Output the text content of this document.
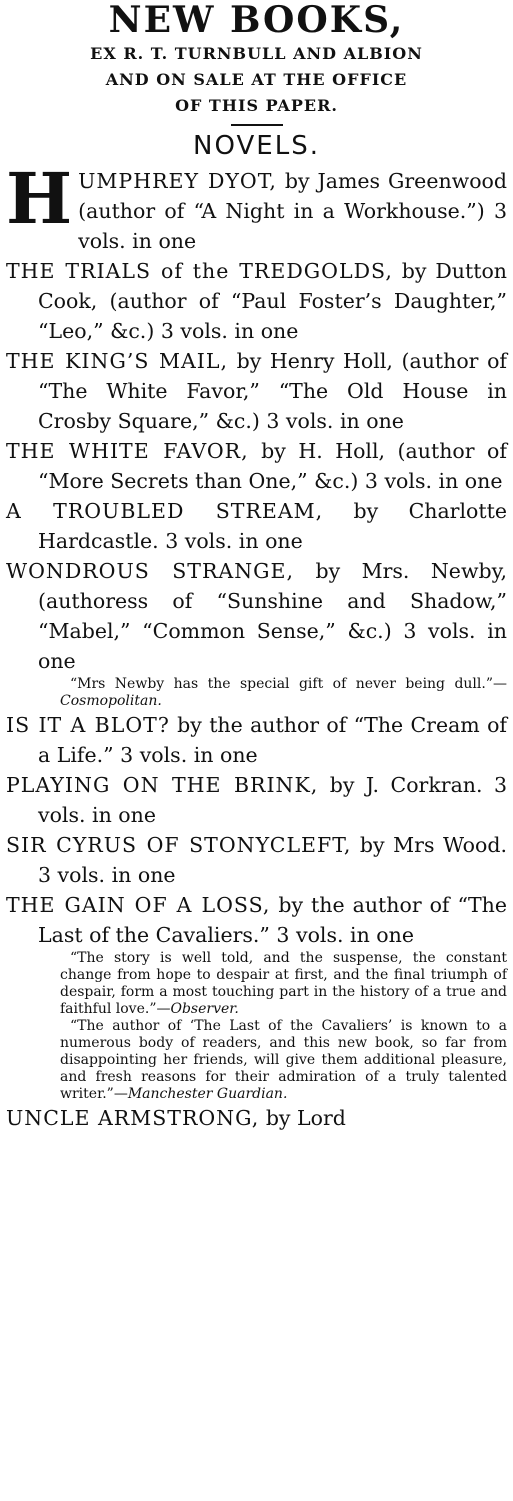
NEW BOOKS,
EX R. T. TURNBULL AND ALBION
AND ON SALE AT THE OFFICE
OF THIS PAPER.
NOVELS.

HUMPHREY DYOT, by James Greenwood (author of “A Night in a Workhouse.”) 3 vols. in one

THE TRIALS of the TREDGOLDS, by Dutton Cook, (author of “Paul Foster’s Daughter,” “Leo,” &c.) 3 vols. in one

THE KING’S MAIL, by Henry Holl, (author of “The White Favor,” “The Old House in Crosby Square,” &c.) 3 vols. in one

THE WHITE FAVOR, by H. Holl, (author of “More Secrets than One,” &c.) 3 vols. in one

A TROUBLED STREAM, by Charlotte Hardcastle. 3 vols. in one

WONDROUS STRANGE, by Mrs. Newby, (authoress of “Sunshine and Shadow,” “Mabel,” “Common Sense,” &c.) 3 vols. in one

“Mrs Newby has the special gift of never being dull.”—Cosmopolitan.

IS IT A BLOT? by the author of “The Cream of a Life.” 3 vols. in one

PLAYING ON THE BRINK, by J. Corkran. 3 vols. in one

SIR CYRUS OF STONYCLEFT, by Mrs Wood. 3 vols. in one

THE GAIN OF A LOSS, by the author of “The Last of the Cavaliers.” 3 vols. in one

“The story is well told, and the suspense, the constant change from hope to despair at first, and the final triumph of despair, form a most touching part in the history of a true and faithful love.”—Observer.

“The author of ‘The Last of the Cavaliers’ is known to a numerous body of readers, and this new book, so far from disappointing her friends, will give them additional pleasure, and fresh reasons for their admiration of a truly talented writer.”—Manchester Guardian.

UNCLE ARMSTRONG, by Lord
